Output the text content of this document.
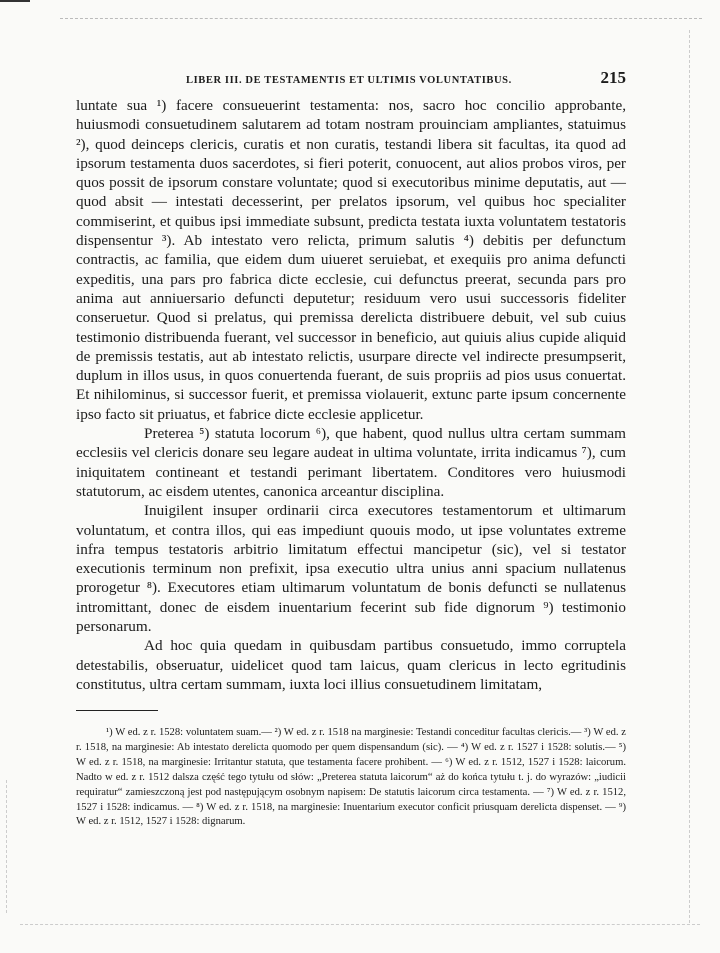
LIBER III. DE TESTAMENTIS ET ULTIMIS VOLUNTATIBUS.	215

luntate sua ¹) facere consueuerint testamenta: nos, sacro hoc concilio approbante, huiusmodi consuetudinem salutarem ad totam nostram prouinciam ampliantes, statuimus ²), quod deinceps clericis, curatis et non curatis, testandi libera sit facultas, ita quod ad ipsorum testamenta duos sacerdotes, si fieri poterit, conuocent, aut alios probos viros, per quos possit de ipsorum constare voluntate; quod si executoribus minime deputatis, aut — quod absit — intestati decesserint, per prelatos ipsorum, vel quibus hoc specialiter commiserint, et quibus ipsi immediate subsunt, predicta testata iuxta voluntatem testatoris dispensentur ³). Ab intestato vero relicta, primum salutis ⁴) debitis per defunctum contractis, ac familia, que eidem dum uiueret seruiebat, et exequiis pro anima defuncti expeditis, una pars pro fabrica dicte ecclesie, cui defunctus preerat, secunda pars pro anima aut anniuersario defuncti deputetur; residuum vero usui successoris fideliter conseruetur. Quod si prelatus, qui premissa derelicta distribuere debuit, vel sub cuius testimonio distribuenda fuerant, vel successor in beneficio, aut quiuis alius cupide aliquid de premissis testatis, aut ab intestato relictis, usurpare directe vel indirecte presumpserit, duplum in illos usus, in quos conuertenda fuerant, de suis propriis ad pios usus conuertat. Et nihilominus, si successor fuerit, et premissa violauerit, extunc parte ipsum concernente ipso facto sit priuatus, et fabrice dicte ecclesie applicetur.

Preterea ⁵) statuta locorum ⁶), que habent, quod nullus ultra certam summam ecclesiis vel clericis donare seu legare audeat in ultima voluntate, irrita indicamus ⁷), cum iniquitatem contineant et testandi perimant libertatem. Conditores vero huiusmodi statutorum, ac eisdem utentes, canonica arceantur disciplina.

Inuigilent insuper ordinarii circa executores testamentorum et ultimarum voluntatum, et contra illos, qui eas impediunt quouis modo, ut ipse voluntates extreme infra tempus testatoris arbitrio limitatum effectui mancipetur (sic), vel si testator executionis terminum non prefixit, ipsa executio ultra unius anni spacium nullatenus prorogetur ⁸). Executores etiam ultimarum voluntatum de bonis defuncti se nullatenus intromittant, donec de eisdem inuentarium fecerint sub fide dignorum ⁹) testimonio personarum.

Ad hoc quia quedam in quibusdam partibus consuetudo, immo corruptela detestabilis, obseruatur, uidelicet quod tam laicus, quam clericus in lecto egritudinis constitutus, ultra certam summam, iuxta loci illius consuetudinem limitatam,

¹) W ed. z r. 1528: voluntatem suam.— ²) W ed. z r. 1518 na marginesie: Testandi conceditur facultas clericis.— ³) W ed. z r. 1518, na marginesie: Ab intestato derelicta quomodo per quem dispensandum (sic). — ⁴) W ed. z r. 1527 i 1528: solutis.— ⁵) W ed. z r. 1518, na marginesie: Irritantur statuta, que testamenta facere prohibent. — ⁶) W ed. z r. 1512, 1527 i 1528: laicorum. Nadto w ed. z r. 1512 dalsza część tego tytułu od słów: „Preterea statuta laicorum“ aż do końca tytułu t. j. do wyrazów: „iudicii requiratur“ zamieszczoną jest pod następującym osobnym napisem: De statutis laicorum circa testamenta. — ⁷) W ed. z r. 1512, 1527 i 1528: indicamus. — ⁸) W ed. z r. 1518, na marginesie: Inuentarium executor conficit priusquam derelicta dispenset. — ⁹) W ed. z r. 1512, 1527 i 1528: dignarum.
